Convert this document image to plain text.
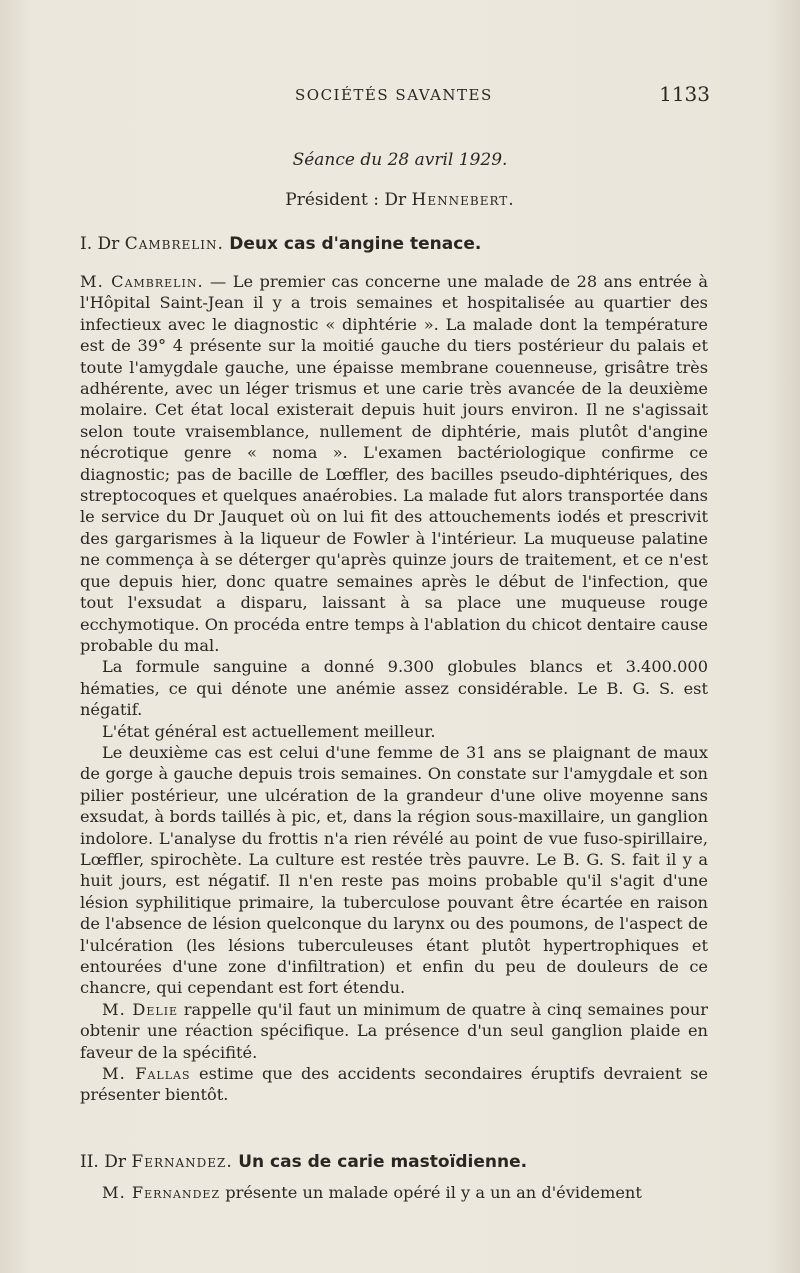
SOCIÉTÉS SAVANTES	1133
Séance du 28 avril 1929.
Président : Dr Hennebert.
I. Dr Cambrelin. Deux cas d'angine tenace.

M. Cambrelin. — Le premier cas concerne une malade de 28 ans entrée à l'Hôpital Saint-Jean il y a trois semaines et hospitalisée au quartier des infectieux avec le diagnostic « diphtérie ». La malade dont la température est de 39° 4 présente sur la moitié gauche du tiers postérieur du palais et toute l'amygdale gauche, une épaisse membrane couenneuse, grisâtre très adhérente, avec un léger trismus et une carie très avancée de la deuxième molaire. Cet état local existerait depuis huit jours environ. Il ne s'agissait selon toute vraisemblance, nullement de diphtérie, mais plutôt d'angine nécrotique genre « noma ». L'examen bactériologique confirme ce diagnostic; pas de bacille de Lœffler, des bacilles pseudo-diphtériques, des streptocoques et quelques anaérobies. La malade fut alors transportée dans le service du Dr Jauquet où on lui fit des attouchements iodés et prescrivit des gargarismes à la liqueur de Fowler à l'intérieur. La muqueuse palatine ne commença à se déterger qu'après quinze jours de traitement, et ce n'est que depuis hier, donc quatre semaines après le début de l'infection, que tout l'exsudat a disparu, laissant à sa place une muqueuse rouge ecchymotique. On procéda entre temps à l'ablation du chicot dentaire cause probable du mal.

La formule sanguine a donné 9.300 globules blancs et 3.400.000 hématies, ce qui dénote une anémie assez considérable. Le B. G. S. est négatif.

L'état général est actuellement meilleur.

Le deuxième cas est celui d'une femme de 31 ans se plaignant de maux de gorge à gauche depuis trois semaines. On constate sur l'amygdale et son pilier postérieur, une ulcération de la grandeur d'une olive moyenne sans exsudat, à bords taillés à pic, et, dans la région sous-maxillaire, un ganglion indolore. L'analyse du frottis n'a rien révélé au point de vue fuso-spirillaire, Lœffler, spirochète. La culture est restée très pauvre. Le B. G. S. fait il y a huit jours, est négatif. Il n'en reste pas moins probable qu'il s'agit d'une lésion syphilitique primaire, la tuberculose pouvant être écartée en raison de l'absence de lésion quelconque du larynx ou des poumons, de l'aspect de l'ulcération (les lésions tuberculeuses étant plutôt hypertrophiques et entourées d'une zone d'infiltration) et enfin du peu de douleurs de ce chancre, qui cependant est fort étendu.

M. Delie rappelle qu'il faut un minimum de quatre à cinq semaines pour obtenir une réaction spécifique. La présence d'un seul ganglion plaide en faveur de la spécifité.

M. Fallas estime que des accidents secondaires éruptifs devraient se présenter bientôt.

II. Dr Fernandez. Un cas de carie mastoïdienne.

M. Fernandez présente un malade opéré il y a un an d'évidement
